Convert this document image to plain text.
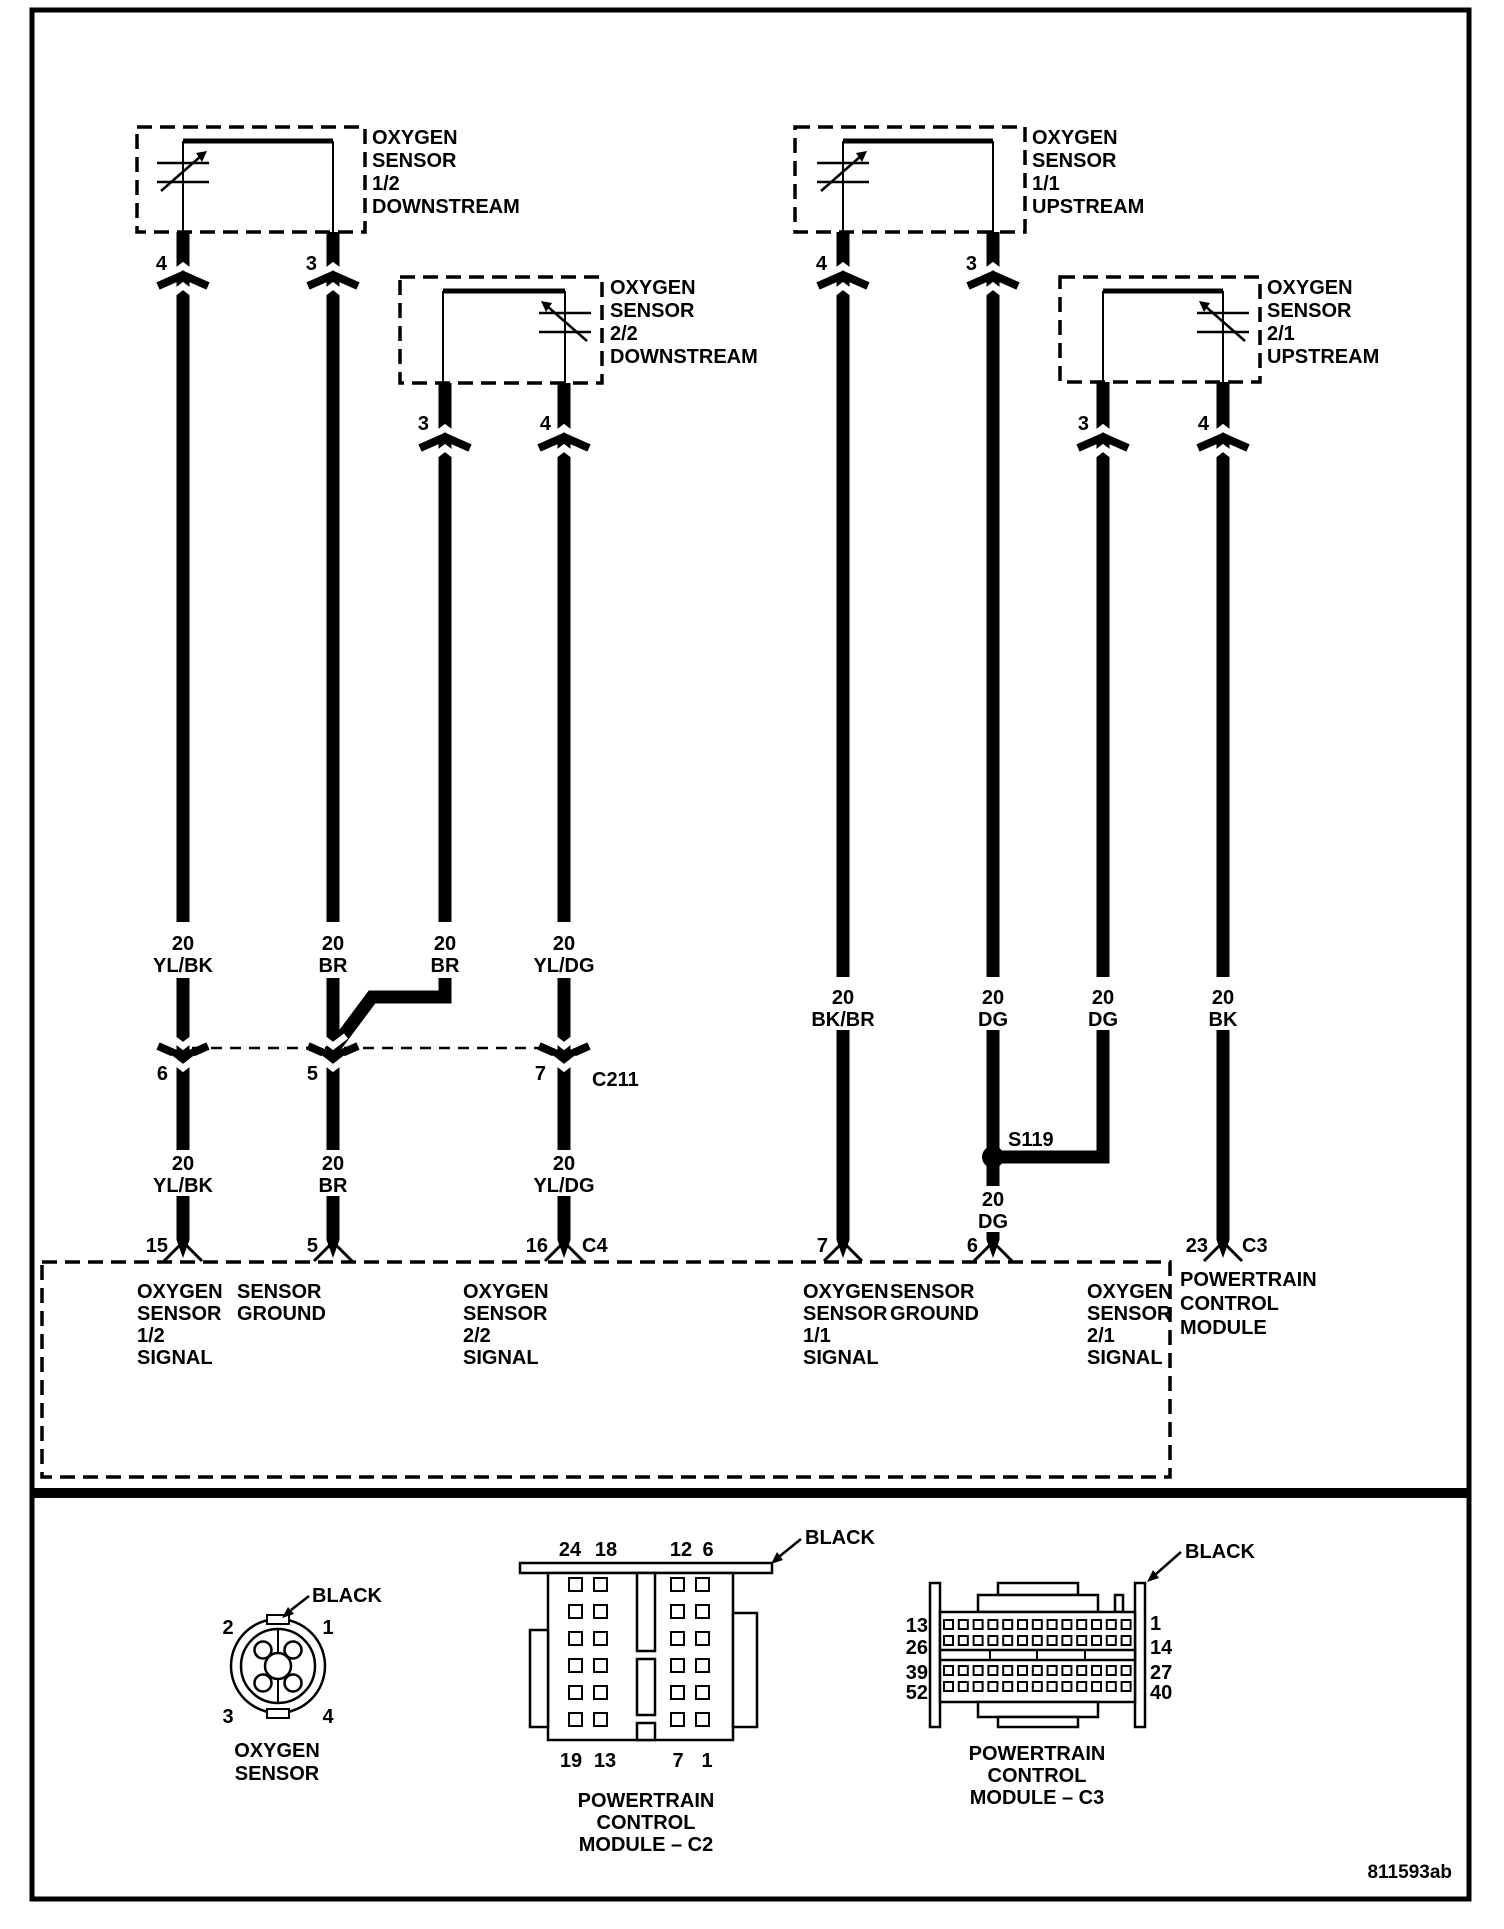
OXYGEN
SENSOR
1/2
DOWNSTREAM
4	3
OXYGEN
SENSOR
2/2
DOWNSTREAM
3	4
OXYGEN
SENSOR
1/1
UPSTREAM
4	3
OXYGEN
SENSOR
2/1
UPSTREAM
3	4
20
YL/BK
20
YL/BK
20
BR
20
BR
20
BR
20
YL/DG
20
YL/DG
20
BK/BR
20
DG
20
DG
20
DG
20
BK
6	5	7 C211
S119
15	5	16 C4	7	6	23 C3
OXYGEN
SENSOR
1/2
SIGNAL
SENSOR
GROUND
OXYGEN
SENSOR
2/2
SIGNAL
OXYGEN
SENSOR
1/1
SIGNAL
SENSOR
GROUND
OXYGEN
SENSOR
2/1
SIGNAL
POWERTRAIN
CONTROL
MODULE
BLACK
2	1
3	4
OXYGEN
SENSOR
24 18	12 6
19 13	7 1
BLACK
POWERTRAIN
CONTROL
MODULE – C2
13
26
39
52
1
14
27
40
BLACK
POWERTRAIN
CONTROL
MODULE – C3
811593ab
